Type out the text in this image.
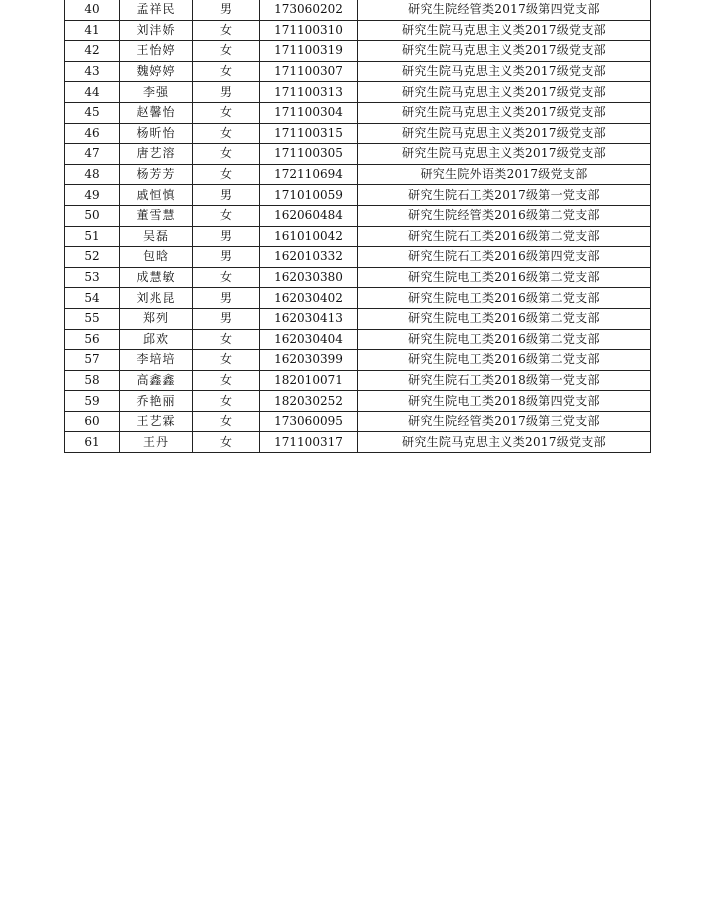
40	孟祥民	男	173060202	研究生院经管类2017级第四党支部
41	刘沣娇	女	171100310	研究生院马克思主义类2017级党支部
42	王怡婷	女	171100319	研究生院马克思主义类2017级党支部
43	魏婷婷	女	171100307	研究生院马克思主义类2017级党支部
44	李强	男	171100313	研究生院马克思主义类2017级党支部
45	赵馨怡	女	171100304	研究生院马克思主义类2017级党支部
46	杨昕怡	女	171100315	研究生院马克思主义类2017级党支部
47	唐艺溶	女	171100305	研究生院马克思主义类2017级党支部
48	杨芳芳	女	172110694	研究生院外语类2017级党支部
49	戚恒慎	男	171010059	研究生院石工类2017级第一党支部
50	董雪慧	女	162060484	研究生院经管类2016级第二党支部
51	吴磊	男	161010042	研究生院石工类2016级第二党支部
52	包晗	男	162010332	研究生院石工类2016级第四党支部
53	成慧敏	女	162030380	研究生院电工类2016级第二党支部
54	刘兆昆	男	162030402	研究生院电工类2016级第二党支部
55	郑列	男	162030413	研究生院电工类2016级第二党支部
56	邱欢	女	162030404	研究生院电工类2016级第二党支部
57	李培培	女	162030399	研究生院电工类2016级第二党支部
58	高鑫鑫	女	182010071	研究生院石工类2018级第一党支部
59	乔艳丽	女	182030252	研究生院电工类2018级第四党支部
60	王艺霖	女	173060095	研究生院经管类2017级第三党支部
61	王丹	女	171100317	研究生院马克思主义类2017级党支部
